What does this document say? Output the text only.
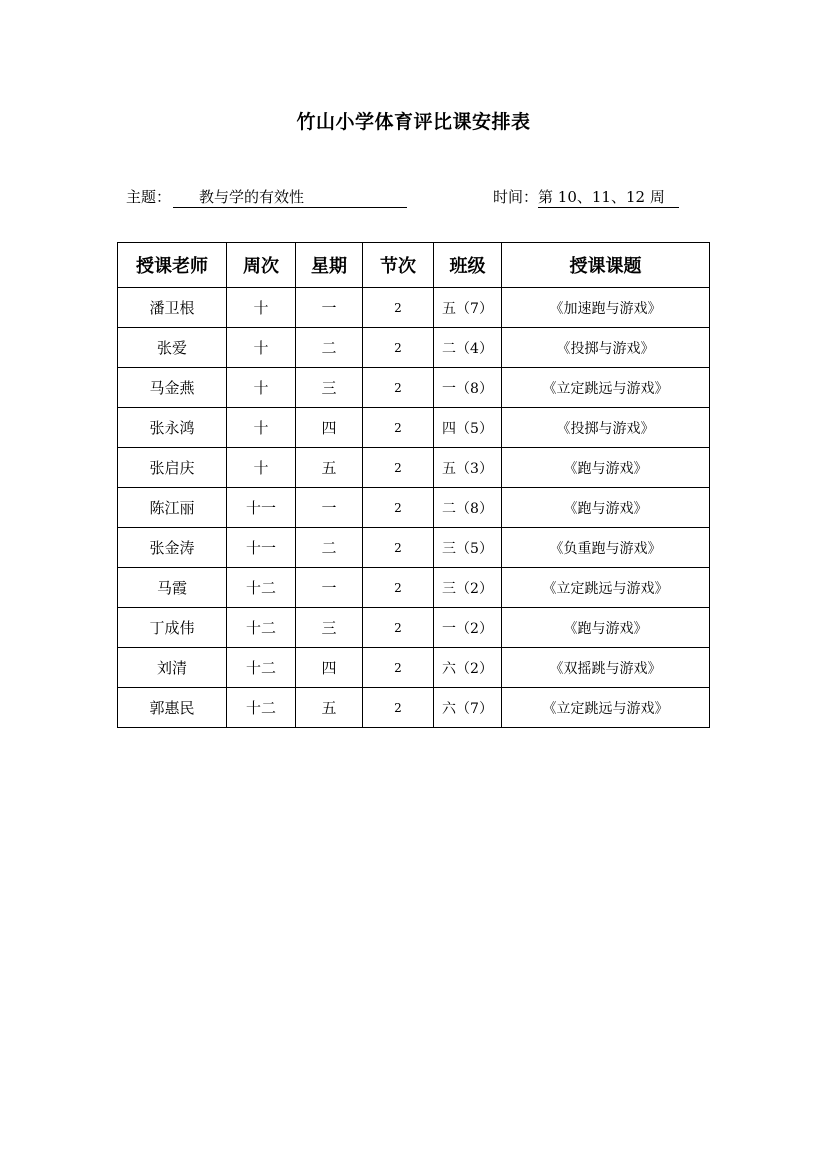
竹山小学体育评比课安排表
主题： 教与学的有效性	时间：第 10、11、12 周
授课老师	周次	星期	节次	班级	授课课题
潘卫根	十	一	2	五（7）	《加速跑与游戏》
张爱	十	二	2	二（4）	《投掷与游戏》
马金燕	十	三	2	一（8）	《立定跳远与游戏》
张永鸿	十	四	2	四（5）	《投掷与游戏》
张启庆	十	五	2	五（3）	《跑与游戏》
陈江丽	十一	一	2	二（8）	《跑与游戏》
张金涛	十一	二	2	三（5）	《负重跑与游戏》
马霞	十二	一	2	三（2）	《立定跳远与游戏》
丁成伟	十二	三	2	一（2）	《跑与游戏》
刘清	十二	四	2	六（2）	《双摇跳与游戏》
郭惠民	十二	五	2	六（7）	《立定跳远与游戏》
